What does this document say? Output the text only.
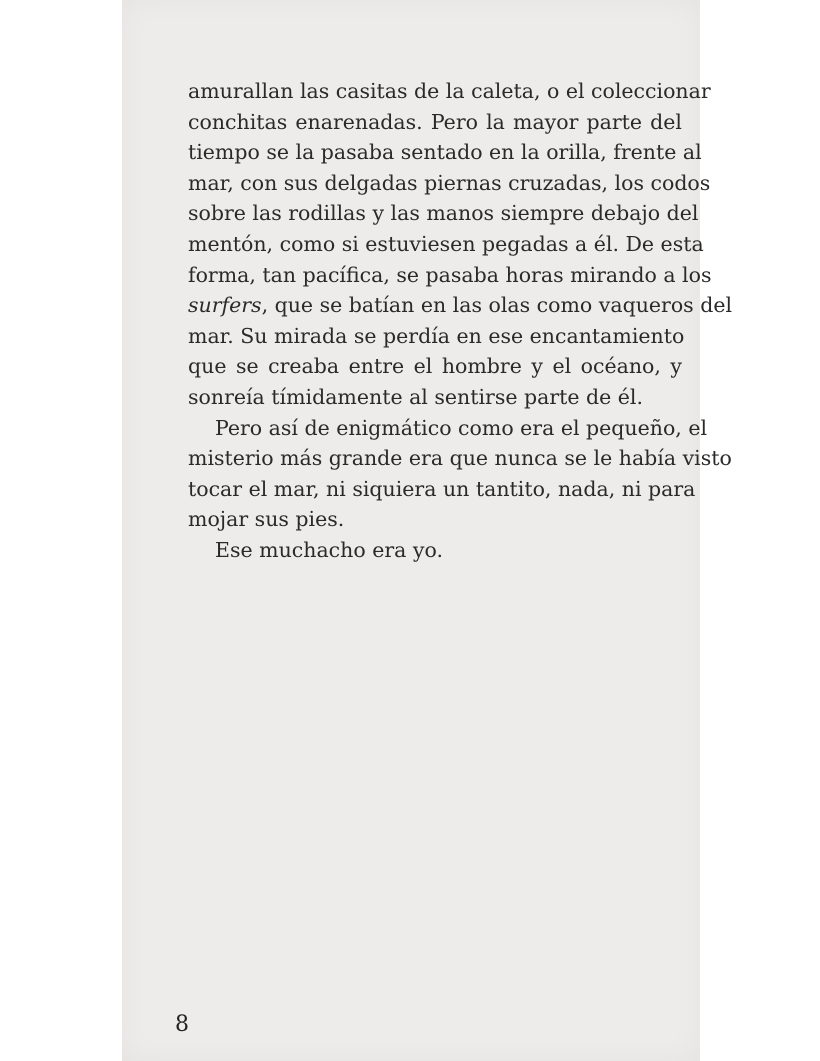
amurallan las casitas de la caleta, o el coleccionar
conchitas enarenadas. Pero la mayor parte del
tiempo se la pasaba sentado en la orilla, frente al
mar, con sus delgadas piernas cruzadas, los codos
sobre las rodillas y las manos siempre debajo del
mentón, como si estuviesen pegadas a él. De esta
forma, tan pacífica, se pasaba horas mirando a los
surfers, que se batían en las olas como vaqueros del
mar. Su mirada se perdía en ese encantamiento
que se creaba entre el hombre y el océano, y
sonreía tímidamente al sentirse parte de él.
Pero así de enigmático como era el pequeño, el
misterio más grande era que nunca se le había visto
tocar el mar, ni siquiera un tantito, nada, ni para
mojar sus pies.
Ese muchacho era yo.
8
